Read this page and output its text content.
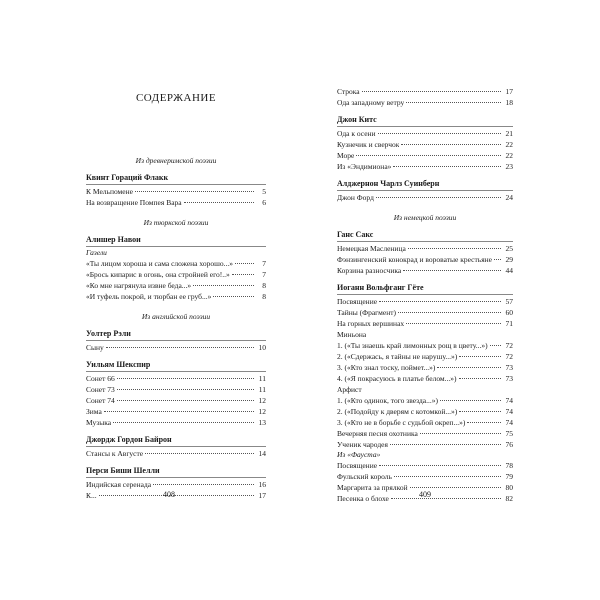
СОДЕРЖАНИЕ
Из древнеримской поэзии
Квинт Гораций Флакк
К Мельпомене	5
На возвращение Помпея Вара	6
Из тюркской поэзии
Алишер Навои
Газели
«Ты лицом хороша и сама сложена хорошо...»	7
«Брось кипарис в огонь, она стройней его!..»	7
«Ко мне нагрянула извне беда...»	8
«И туфель покрой, и тюрбан ее груб...»	8
Из английской поэзии
Уолтер Рэли
Сыну	10
Уильям Шекспир
Сонет 66	11
Сонет 73	11
Сонет 74	12
Зима	12
Музыка	13
Джордж Гордон Байрон
Стансы к Августе	14
Перси Биши Шелли
Индийская серенада	16
К...	17
Строка	17
Ода западному ветру	18
Джон Китс
Ода к осени	21
Кузнечик и сверчок	22
Море	22
Из «Эндимиона»	23
Алджернон Чарлз Суинберн
Джон Форд	24
Из немецкой поэзии
Ганс Сакс
Немецкая Масленица	25
Фэнзингенский конокрад и вороватые крестьяне	29
Корзина разносчика	44
Иоганн Вольфганг Гёте
Посвящение	57
Тайны (Фрагмент)	60
На горных вершинах	71
Миньона
1. («Ты знаешь край лимонных рощ в цвету...»)	72
2. («Сдержась, я тайны не нарушу...»)	72
3. («Кто знал тоску, поймет...»)	73
4. («Я покрасуюсь в платье белом...»)	73
Арфист
1. («Кто одинок, того звезда...»)	74
2. («Подойду к дверям с котомкой...»)	74
3. («Кто не в борьбе с судьбой окреп...»)	74
Вечерняя песня охотника	75
Ученик чародея	76
Из «Фауста»
Посвящение	78
Фульский король	79
Маргарита за прялкой	80
Песенка о блохе	82
408	409
